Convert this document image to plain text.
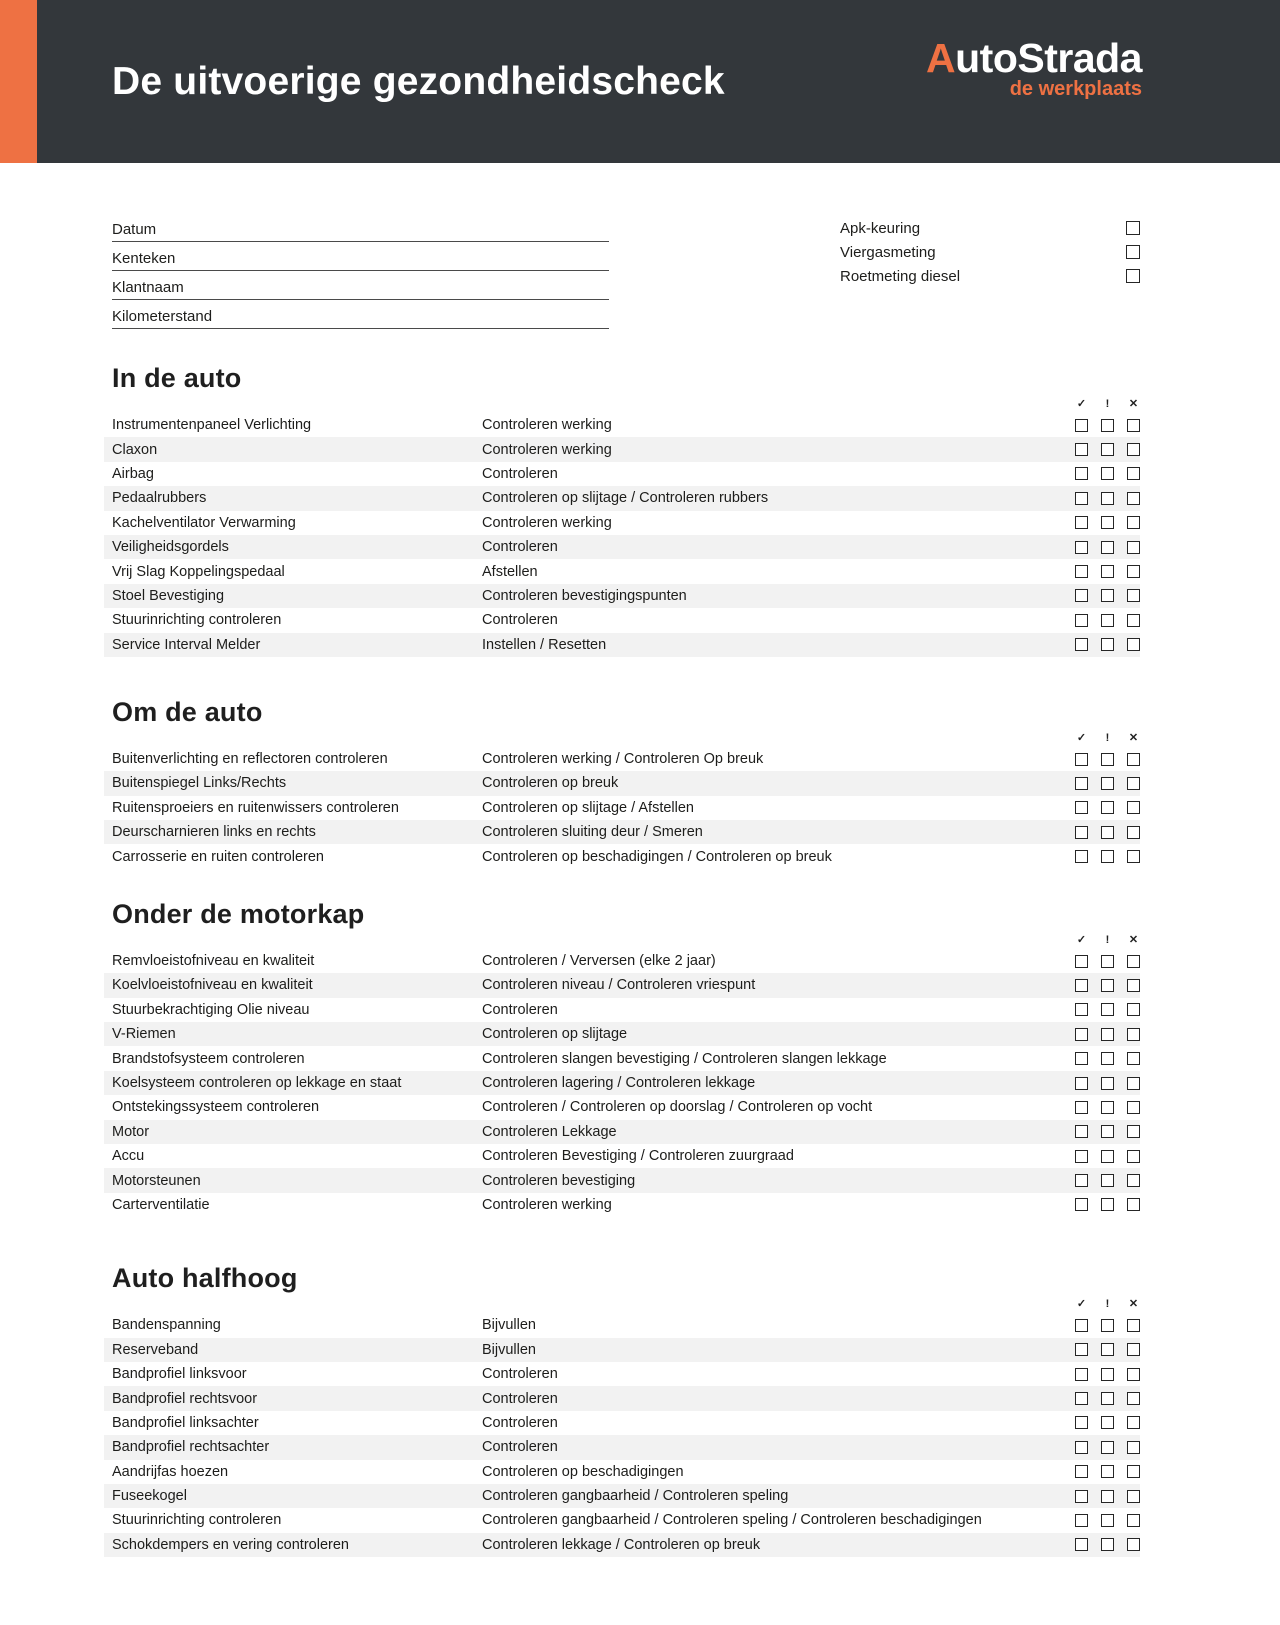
De uitvoerige gezondheidscheck	AutoStrada
de werkplaats
Datum
Kenteken
Klantnaam
Kilometerstand
Apk-keuring
Viergasmeting
Roetmeting diesel
In de auto
✓	!	✕
Instrumentenpaneel Verlichting	Controleren werking
Claxon	Controleren werking
Airbag	Controleren
Pedaalrubbers	Controleren op slijtage / Controleren rubbers
Kachelventilator Verwarming	Controleren werking
Veiligheidsgordels	Controleren
Vrij Slag Koppelingspedaal	Afstellen
Stoel Bevestiging	Controleren bevestigingspunten
Stuurinrichting controleren	Controleren
Service Interval Melder	Instellen / Resetten
Om de auto
✓	!	✕
Buitenverlichting en reflectoren controleren	Controleren werking / Controleren Op breuk
Buitenspiegel Links/Rechts	Controleren op breuk
Ruitensproeiers en ruitenwissers controleren	Controleren op slijtage / Afstellen
Deurscharnieren links en rechts	Controleren sluiting deur / Smeren
Carrosserie en ruiten controleren	Controleren op beschadigingen / Controleren op breuk
Onder de motorkap
✓	!	✕
Remvloeistofniveau en kwaliteit	Controleren / Verversen (elke 2 jaar)
Koelvloeistofniveau en kwaliteit	Controleren niveau / Controleren vriespunt
Stuurbekrachtiging Olie niveau	Controleren
V-Riemen	Controleren op slijtage
Brandstofsysteem controleren	Controleren slangen bevestiging / Controleren slangen lekkage
Koelsysteem controleren op lekkage en staat	Controleren lagering / Controleren lekkage
Ontstekingssysteem controleren	Controleren / Controleren op doorslag / Controleren op vocht
Motor	Controleren Lekkage
Accu	Controleren Bevestiging / Controleren zuurgraad
Motorsteunen	Controleren bevestiging
Carterventilatie	Controleren werking
Auto halfhoog
✓	!	✕
Bandenspanning	Bijvullen
Reserveband	Bijvullen
Bandprofiel linksvoor	Controleren
Bandprofiel rechtsvoor	Controleren
Bandprofiel linksachter	Controleren
Bandprofiel rechtsachter	Controleren
Aandrijfas hoezen	Controleren op beschadigingen
Fuseekogel	Controleren gangbaarheid / Controleren speling
Stuurinrichting controleren	Controleren gangbaarheid / Controleren speling / Controleren beschadigingen
Schokdempers en vering controleren	Controleren lekkage / Controleren op breuk
